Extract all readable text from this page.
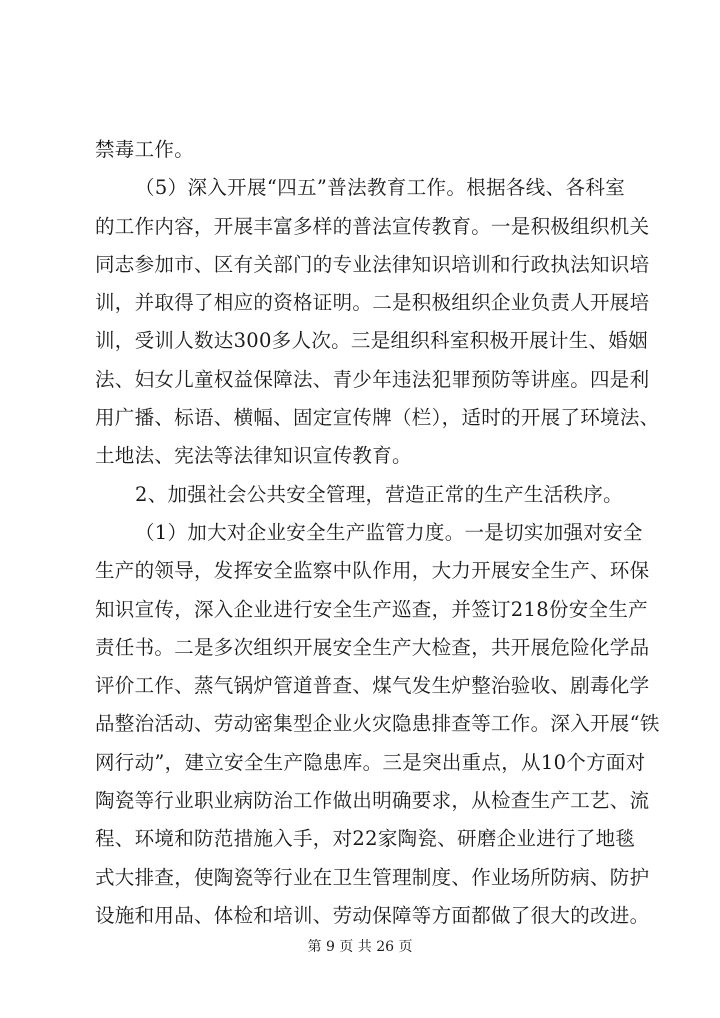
禁毒工作。
（5）深入开展“四五”普法教育工作。根据各线、各科室
的工作内容，开展丰富多样的普法宣传教育。一是积极组织机关
同志参加市、区有关部门的专业法律知识培训和行政执法知识培
训，并取得了相应的资格证明。二是积极组织企业负责人开展培
训，受训人数达300多人次。三是组织科室积极开展计生、婚姻
法、妇女儿童权益保障法、青少年违法犯罪预防等讲座。四是利
用广播、标语、横幅、固定宣传牌（栏），适时的开展了环境法、
土地法、宪法等法律知识宣传教育。
2、加强社会公共安全管理，营造正常的生产生活秩序。
（1）加大对企业安全生产监管力度。一是切实加强对安全
生产的领导，发挥安全监察中队作用，大力开展安全生产、环保
知识宣传，深入企业进行安全生产巡查，并签订218份安全生产
责任书。二是多次组织开展安全生产大检查，共开展危险化学品
评价工作、蒸气锅炉管道普查、煤气发生炉整治验收、剧毒化学
品整治活动、劳动密集型企业火灾隐患排查等工作。深入开展“铁
网行动”，建立安全生产隐患库。三是突出重点，从10个方面对
陶瓷等行业职业病防治工作做出明确要求，从检查生产工艺、流
程、环境和防范措施入手，对22家陶瓷、研磨企业进行了地毯
式大排查，使陶瓷等行业在卫生管理制度、作业场所防病、防护
设施和用品、体检和培训、劳动保障等方面都做了很大的改进。
第 9 页 共 26 页
